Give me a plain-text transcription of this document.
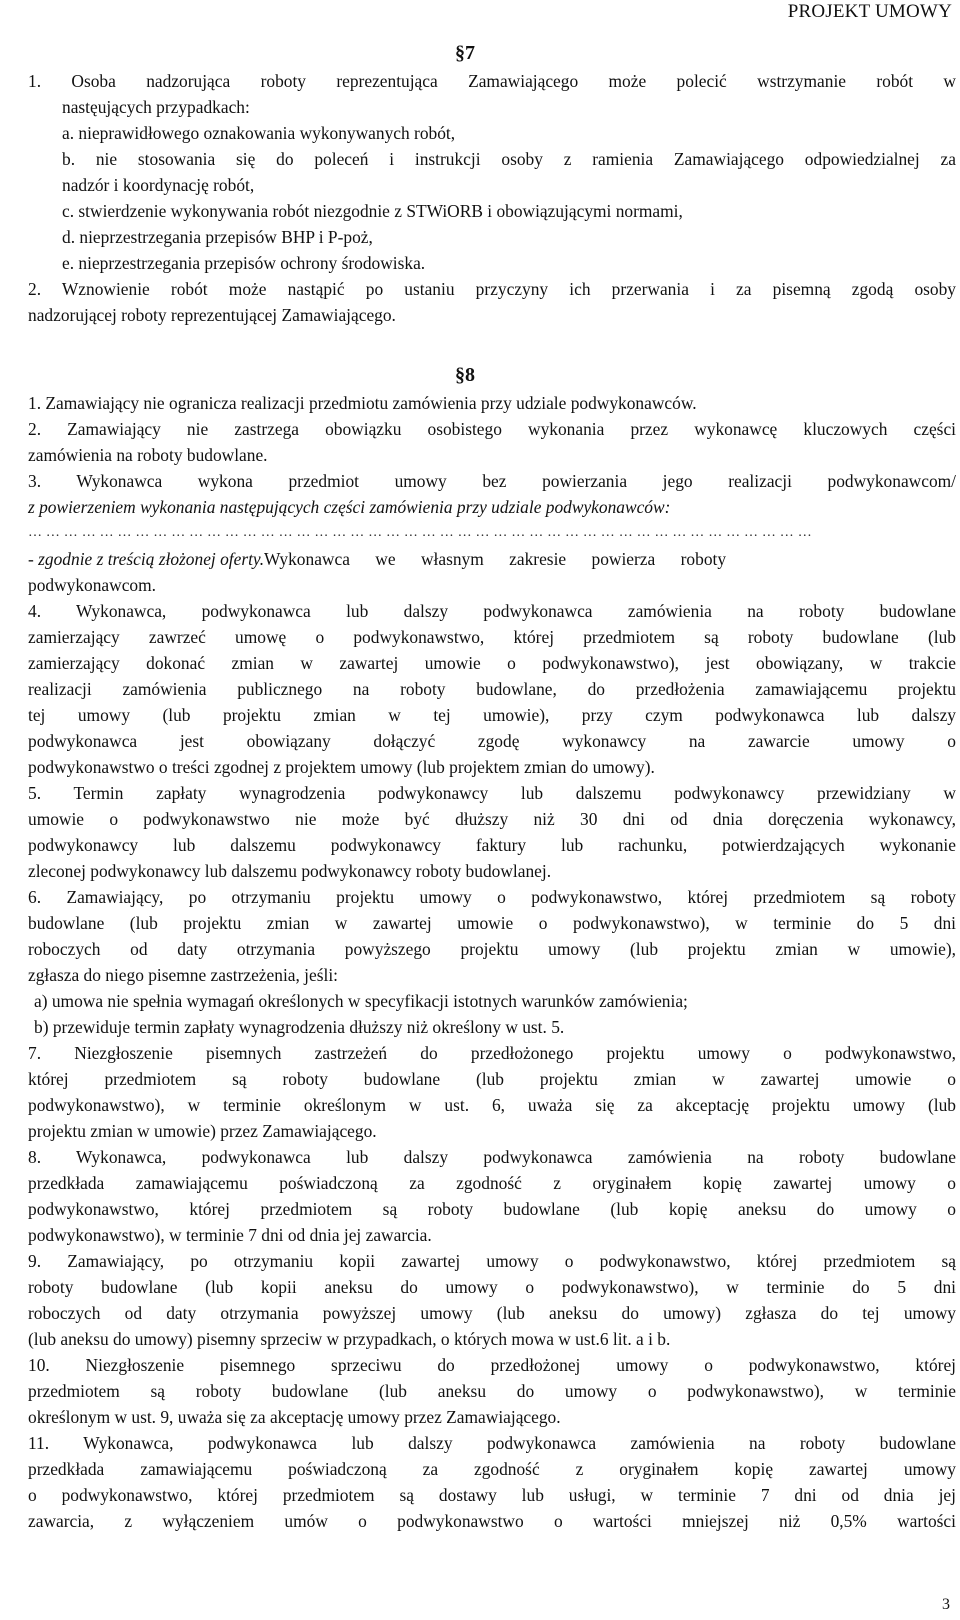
PROJEKT UMOWY
§7
1. Osoba nadzorująca roboty reprezentująca Zamawiającego może polecić wstrzymanie robót w
nastęujących przypadkach:
a. nieprawidłowego oznakowania wykonywanych robót,
b. nie stosowania się do poleceń i instrukcji osoby z ramienia Zamawiającego odpowiedzialnej za
nadzór i koordynację robót,
c. stwierdzenie wykonywania robót niezgodnie z STWiORB i obowiązującymi normami,
d. nieprzestrzegania przepisów BHP i P-poż,
e. nieprzestrzegania przepisów ochrony środowiska.
2. Wznowienie robót może nastąpić po ustaniu przyczyny ich przerwania i za pisemną zgodą osoby
nadzorującej roboty reprezentującej Zamawiającego.
§8
1. Zamawiający nie ogranicza realizacji przedmiotu zamówienia przy udziale podwykonawców.
2. Zamawiający nie zastrzega obowiązku osobistego wykonania przez wykonawcę kluczowych części
zamówienia na roboty budowlane.
3. Wykonawca wykona przedmiot umowy bez powierzania jego realizacji podwykonawcom/
z powierzeniem wykonania następujących części zamówienia przy udziale podwykonawców:
……………………………………………………………………………………………………………………
- zgodnie z treścią złożonej oferty.Wykonawca we własnym zakresie powierza roboty
podwykonawcom.
4. Wykonawca, podwykonawca lub dalszy podwykonawca zamówienia na roboty budowlane
zamierzający zawrzeć umowę o podwykonawstwo, której przedmiotem są roboty budowlane (lub
zamierzający dokonać zmian w zawartej umowie o podwykonawstwo), jest obowiązany, w trakcie
realizacji zamówienia publicznego na roboty budowlane, do przedłożenia zamawiającemu projektu
tej umowy (lub projektu zmian w tej umowie), przy czym podwykonawca lub dalszy
podwykonawca jest obowiązany dołączyć zgodę wykonawcy na zawarcie umowy o
podwykonawstwo o treści zgodnej z projektem umowy (lub projektem zmian do umowy).
5. Termin zapłaty wynagrodzenia podwykonawcy lub dalszemu podwykonawcy przewidziany w
umowie o podwykonawstwo nie może być dłuższy niż 30 dni od dnia doręczenia wykonawcy,
podwykonawcy lub dalszemu podwykonawcy faktury lub rachunku, potwierdzających wykonanie
zleconej podwykonawcy lub dalszemu podwykonawcy roboty budowlanej.
6. Zamawiający, po otrzymaniu projektu umowy o podwykonawstwo, której przedmiotem są roboty
budowlane (lub projektu zmian w zawartej umowie o podwykonawstwo), w terminie do 5 dni
roboczych od daty otrzymania powyższego projektu umowy (lub projektu zmian w umowie),
zgłasza do niego pisemne zastrzeżenia, jeśli:
a) umowa nie spełnia wymagań określonych w specyfikacji istotnych warunków zamówienia;
b) przewiduje termin zapłaty wynagrodzenia dłuższy niż określony w ust. 5.
7. Niezgłoszenie pisemnych zastrzeżeń do przedłożonego projektu umowy o podwykonawstwo,
której przedmiotem są roboty budowlane (lub projektu zmian w zawartej umowie o
podwykonawstwo), w terminie określonym w ust. 6, uważa się za akceptację projektu umowy (lub
projektu zmian w umowie) przez Zamawiającego.
8. Wykonawca, podwykonawca lub dalszy podwykonawca zamówienia na roboty budowlane
przedkłada zamawiającemu poświadczoną za zgodność z oryginałem kopię zawartej umowy o
podwykonawstwo, której przedmiotem są roboty budowlane (lub kopię aneksu do umowy o
podwykonawstwo), w terminie 7 dni od dnia jej zawarcia.
9. Zamawiający, po otrzymaniu kopii zawartej umowy o podwykonawstwo, której przedmiotem są
roboty budowlane (lub kopii aneksu do umowy o podwykonawstwo), w terminie do 5 dni
roboczych od daty otrzymania powyższej umowy (lub aneksu do umowy) zgłasza do tej umowy
(lub aneksu do umowy) pisemny sprzeciw w przypadkach, o których mowa w ust.6 lit. a i b.
10. Niezgłoszenie pisemnego sprzeciwu do przedłożonej umowy o podwykonawstwo, której
przedmiotem są roboty budowlane (lub aneksu do umowy o podwykonawstwo), w terminie
określonym w ust. 9, uważa się za akceptację umowy przez Zamawiającego.
11. Wykonawca, podwykonawca lub dalszy podwykonawca zamówienia na roboty budowlane
przedkłada zamawiającemu poświadczoną za zgodność z oryginałem kopię zawartej umowy
o podwykonawstwo, której przedmiotem są dostawy lub usługi, w terminie 7 dni od dnia jej
zawarcia, z wyłączeniem umów o podwykonawstwo o wartości mniejszej niż 0,5% wartości
3
